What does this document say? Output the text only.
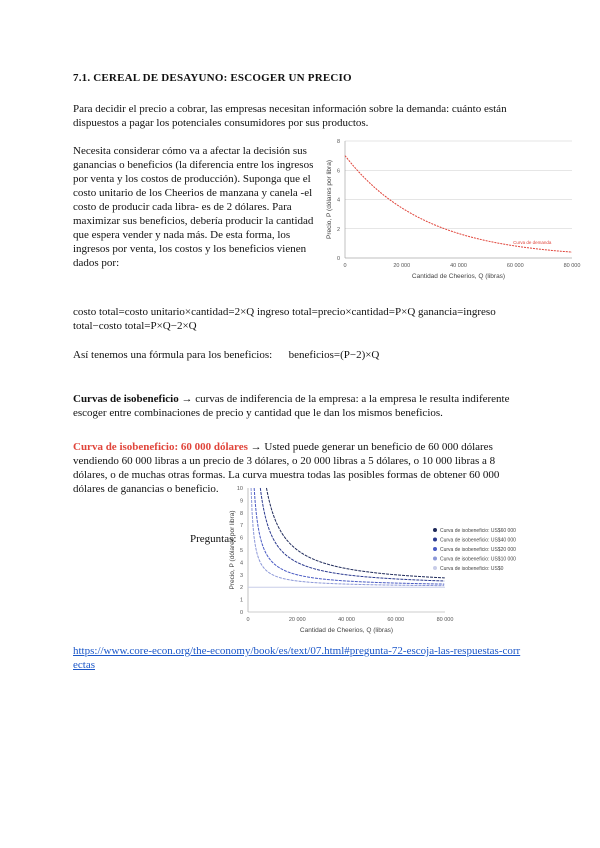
7.1. CEREAL DE DESAYUNO: ESCOGER UN PRECIO
Para decidir el precio a cobrar, las empresas necesitan información sobre la demanda: cuánto están dispuestos a pagar los potenciales consumidores por sus productos.
Necesita considerar cómo va a afectar la decisión sus ganancias o beneficios (la diferencia entre los ingresos por venta y los costos de producción). Suponga que el costo unitario de los Cheerios de manzana y canela -el costo de producir cada libra- es de 2 dólares. Para maximizar sus beneficios, debería producir la cantidad que espera vender y nada más. De esta forma, los ingresos por venta, los costos y los beneficios vienen dados por:	0
2
4
6
8
0	20 000	40 000	60 000	80 000
Cantidad de Cheerios, Q (libras)
Precio, P (dólares por libra)
Curva de demanda
costo total=costo unitario×cantidad=2×Q ingreso total=precio×cantidad=P×Q ganancia=ingreso total−costo total=P×Q−2×Q
Así tenemos una fórmula para los beneficios: beneficios=(P−2)×Q
Curvas de isobeneficio → curvas de indiferencia de la empresa: a la empresa le resulta indiferente escoger entre combinaciones de precio y cantidad que le dan los mismos beneficios.
Curva de isobeneficio: 60 000 dólares → Usted puede generar un beneficio de 60 000 dólares vendiendo 60 000 libras a un precio de 3 dólares, o 20 000 libras a 5 dólares, o 10 000 libras a 8 dólares, o de muchas otras formas. La curva muestra todas las posibles formas de obtener 60 000 dólares de ganancias o beneficio.
Preguntas:
0
1
2
3
4
5
6
7
8
9
10
0	20 000	40 000	60 000	80 000
Cantidad de Cheerios, Q (libras)
Precio, P (dólares por libra)	Curva de isobeneficio: US$60 000
Curva de isobeneficio: US$40 000
Curva de isobeneficio: US$20 000
Curva de isobeneficio: US$10 000
Curva de isobeneficio: US$0
https://www.core-econ.org/the-economy/book/es/text/07.html#pregunta-72-escoja-las-respuestas-correctas
